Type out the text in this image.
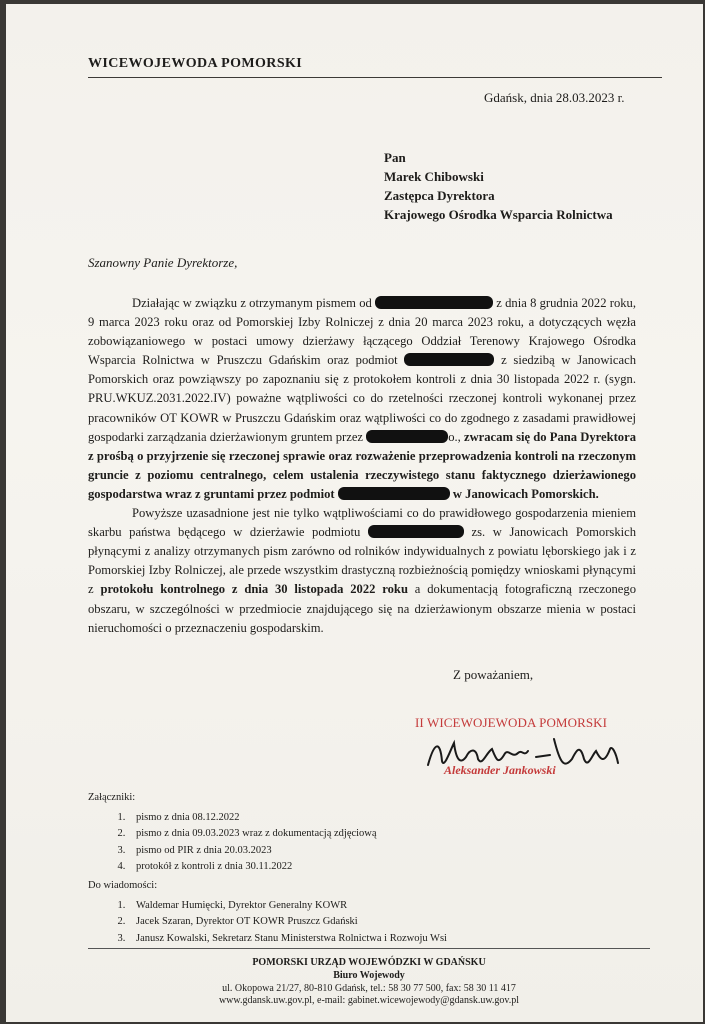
WICEWOJEWODA POMORSKI
Gdańsk, dnia 28.03.2023 r.
Pan
Marek Chibowski
Zastępca Dyrektora
Krajowego Ośrodka Wsparcia Rolnictwa
Szanowny Panie Dyrektorze,

Działając w związku z otrzymanym pismem od	z dnia 8 grudnia 2022 roku, 9 marca 2023 roku oraz od Pomorskiej Izby Rolniczej z dnia 20 marca 2023 roku, a dotyczących węzła zobowiązaniowego w postaci umowy dzierżawy łączącego Oddział Terenowy Krajowego Ośrodka Wsparcia Rolnictwa w Pruszczu Gdańskim oraz podmiot	z siedzibą w Janowicach Pomorskich oraz powziąwszy po zapoznaniu się z protokołem kontroli z dnia 30 listopada 2022 r. (sygn. PRU.WKUZ.2031.2022.IV) poważne wątpliwości co do rzetelności rzeczonej kontroli wykonanej przez pracowników OT KOWR w Pruszczu Gdańskim oraz wątpliwości co do zgodnego z zasadami prawidłowej gospodarki zarządzania dzierżawionym gruntem przez	o., zwracam się do Pana Dyrektora z prośbą o przyjrzenie się rzeczonej sprawie oraz rozważenie przeprowadzenia kontroli na rzeczonym gruncie z poziomu centralnego, celem ustalenia rzeczywistego stanu faktycznego dzierżawionego gospodarstwa wraz z gruntami przez podmiot	w Janowicach Pomorskich.

Powyższe uzasadnione jest nie tylko wątpliwościami co do prawidłowego gospodarzenia mieniem skarbu państwa będącego w dzierżawie podmiotu	zs. w Janowicach Pomorskich płynącymi z analizy otrzymanych pism zarówno od rolników indywidualnych z powiatu lęborskiego jak i z Pomorskiej Izby Rolniczej, ale przede wszystkim drastyczną rozbieżnością pomiędzy wnioskami płynącymi z protokołu kontrolnego z dnia 30 listopada 2022 roku a dokumentacją fotograficzną rzeczonego obszaru, w szczególności w przedmiocie znajdującego się na dzierżawionym obszarze mienia w postaci nieruchomości o przeznaczeniu gospodarskim.

Z poważaniem,
II WICEWOJEWODA POMORSKI
Aleksander Jankowski
Załączniki:
1. pismo z dnia 08.12.2022
2. pismo z dnia 09.03.2023 wraz z dokumentacją zdjęciową
3. pismo od PIR z dnia 20.03.2023
4. protokół z kontroli z dnia 30.11.2022
Do wiadomości:
1. Waldemar Humięcki, Dyrektor Generalny KOWR
2. Jacek Szaran, Dyrektor OT KOWR Pruszcz Gdański
3. Janusz Kowalski, Sekretarz Stanu Ministerstwa Rolnictwa i Rozwoju Wsi
POMORSKI URZĄD WOJEWÓDZKI W GDAŃSKU
Biuro Wojewody
ul. Okopowa 21/27, 80-810 Gdańsk, tel.: 58 30 77 500, fax: 58 30 11 417
www.gdansk.uw.gov.pl, e-mail: gabinet.wicewojewody@gdansk.uw.gov.pl
